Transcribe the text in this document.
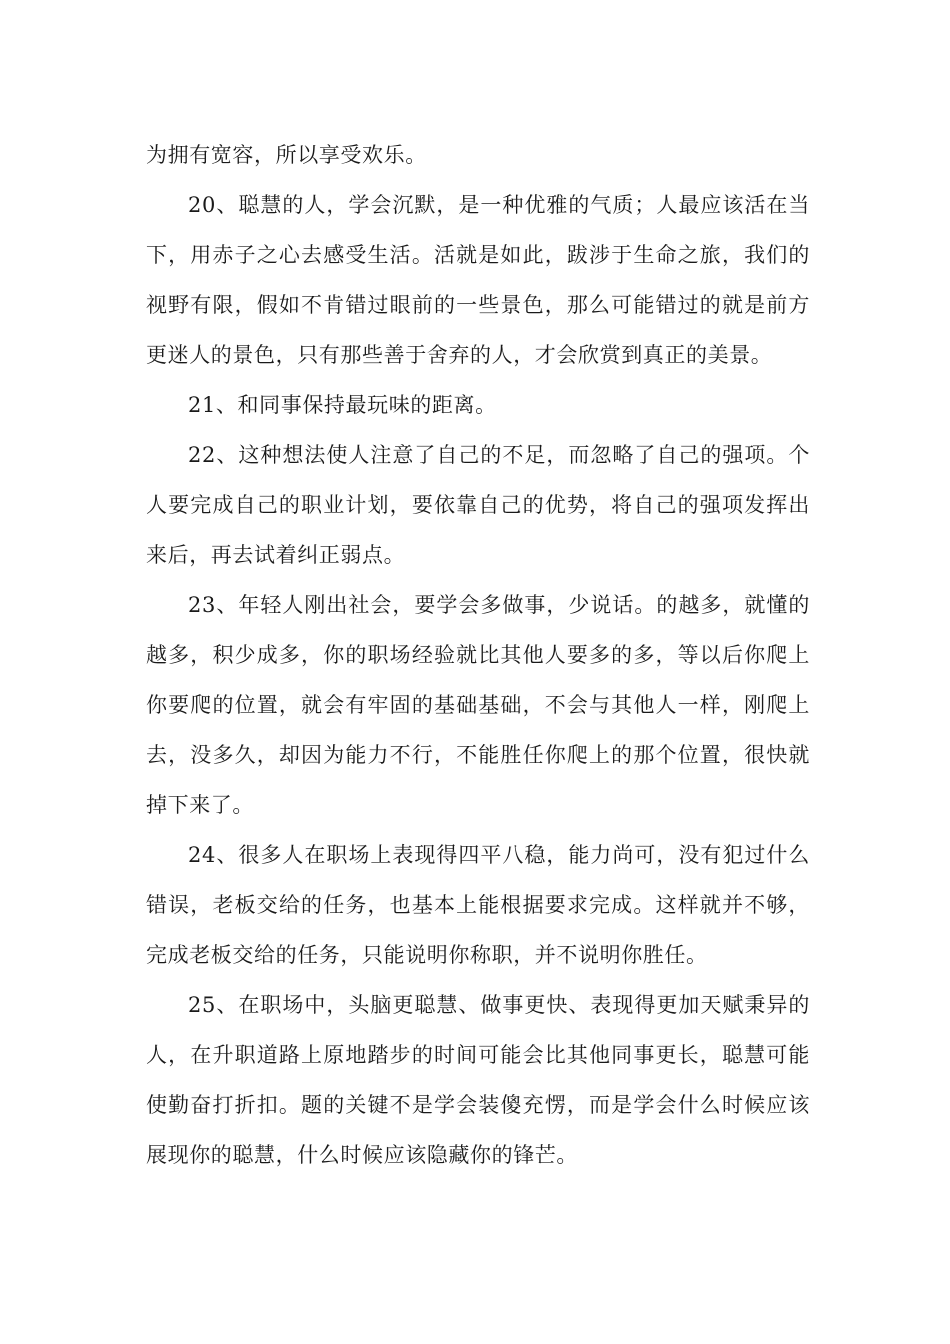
为拥有宽容，所以享受欢乐。

20、聪慧的人，学会沉默，是一种优雅的气质；人最应该活在当下，用赤子之心去感受生活。活就是如此，跋涉于生命之旅，我们的视野有限，假如不肯错过眼前的一些景色，那么可能错过的就是前方更迷人的景色，只有那些善于舍弃的人，才会欣赏到真正的美景。

21、和同事保持最玩味的距离。

22、这种想法使人注意了自己的不足，而忽略了自己的强项。个人要完成自己的职业计划，要依靠自己的优势，将自己的强项发挥出来后，再去试着纠正弱点。

23、年轻人刚出社会，要学会多做事，少说话。的越多，就懂的越多，积少成多，你的职场经验就比其他人要多的多，等以后你爬上你要爬的位置，就会有牢固的基础基础，不会与其他人一样，刚爬上去，没多久，却因为能力不行，不能胜任你爬上的那个位置，很快就掉下来了。

24、很多人在职场上表现得四平八稳，能力尚可，没有犯过什么错误，老板交给的任务，也基本上能根据要求完成。这样就并不够，完成老板交给的任务，只能说明你称职，并不说明你胜任。

25、在职场中，头脑更聪慧、做事更快、表现得更加天赋秉异的人，在升职道路上原地踏步的时间可能会比其他同事更长，聪慧可能使勤奋打折扣。题的关键不是学会装傻充愣，而是学会什么时候应该展现你的聪慧，什么时候应该隐藏你的锋芒。
